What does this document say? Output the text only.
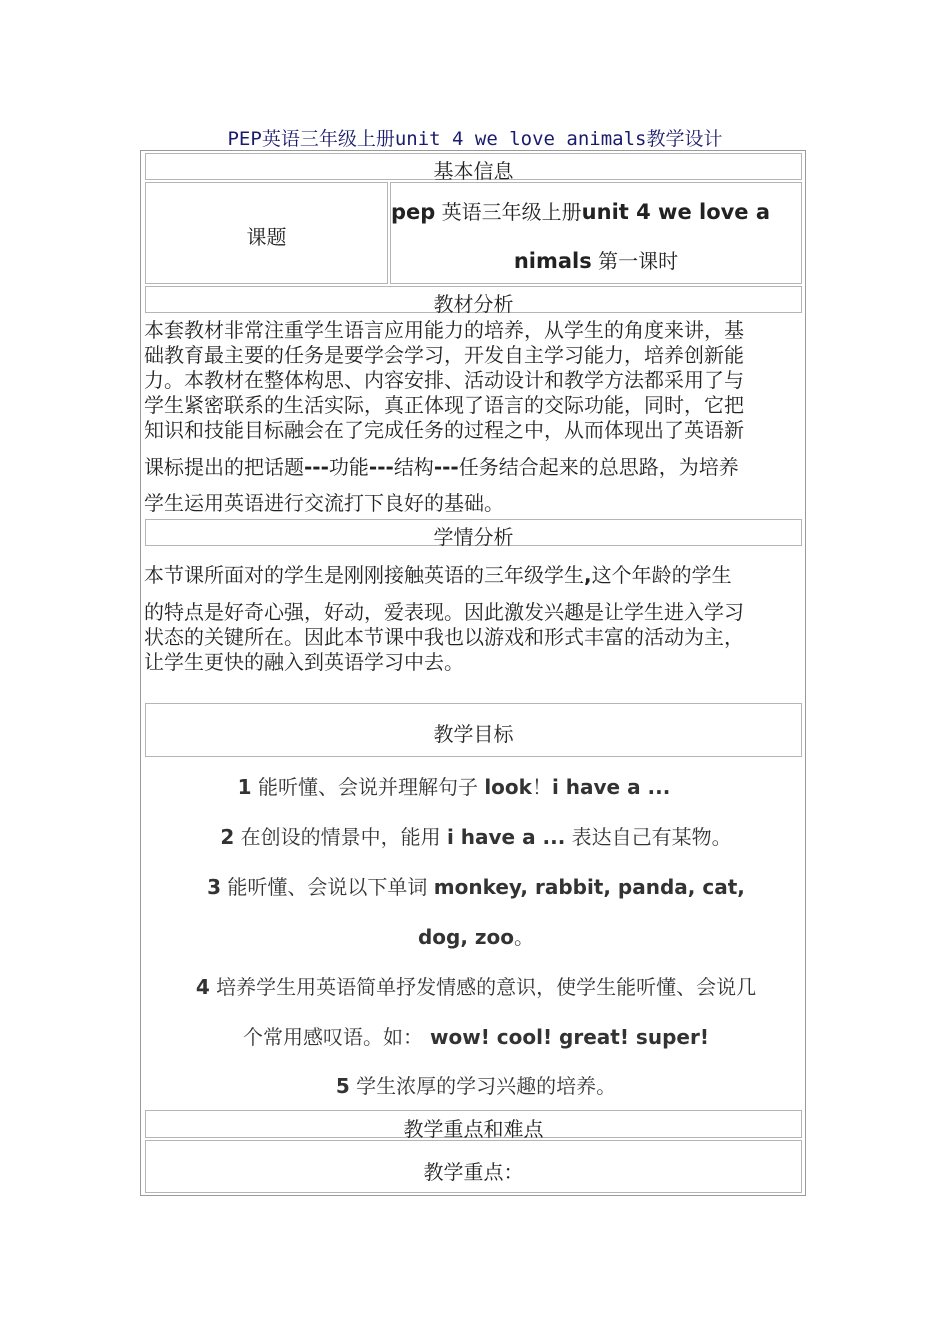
PEP英语三年级上册unit 4 we love animals教学设计
基本信息
课题
pep 英语三年级上册unit 4 we love a
nimals 第一课时
教材分析
本套教材非常注重学生语言应用能力的培养，从学生的角度来讲，基
础教育最主要的任务是要学会学习，开发自主学习能力，培养创新能
力。本教材在整体构思、内容安排、活动设计和教学方法都采用了与
学生紧密联系的生活实际，真正体现了语言的交际功能，同时，它把
知识和技能目标融会在了完成任务的过程之中，从而体现出了英语新
课标提出的把话题---功能---结构---任务结合起来的总思路，为培养
学生运用英语进行交流打下良好的基础。
学情分析
本节课所面对的学生是刚刚接触英语的三年级学生,这个年龄的学生
的特点是好奇心强，好动，爱表现。因此激发兴趣是让学生进入学习
状态的关键所在。因此本节课中我也以游戏和形式丰富的活动为主，
让学生更快的融入到英语学习中去。
教学目标
1 能听懂、会说并理解句子 look！i have a ...
2 在创设的情景中，能用 i have a ... 表达自己有某物。
3 能听懂、会说以下单词 monkey, rabbit, panda, cat,
dog, zoo。
4 培养学生用英语简单抒发情感的意识，使学生能听懂、会说几
个常用感叹语。如： wow! cool! great! super!
5 学生浓厚的学习兴趣的培养。
教学重点和难点
教学重点：
